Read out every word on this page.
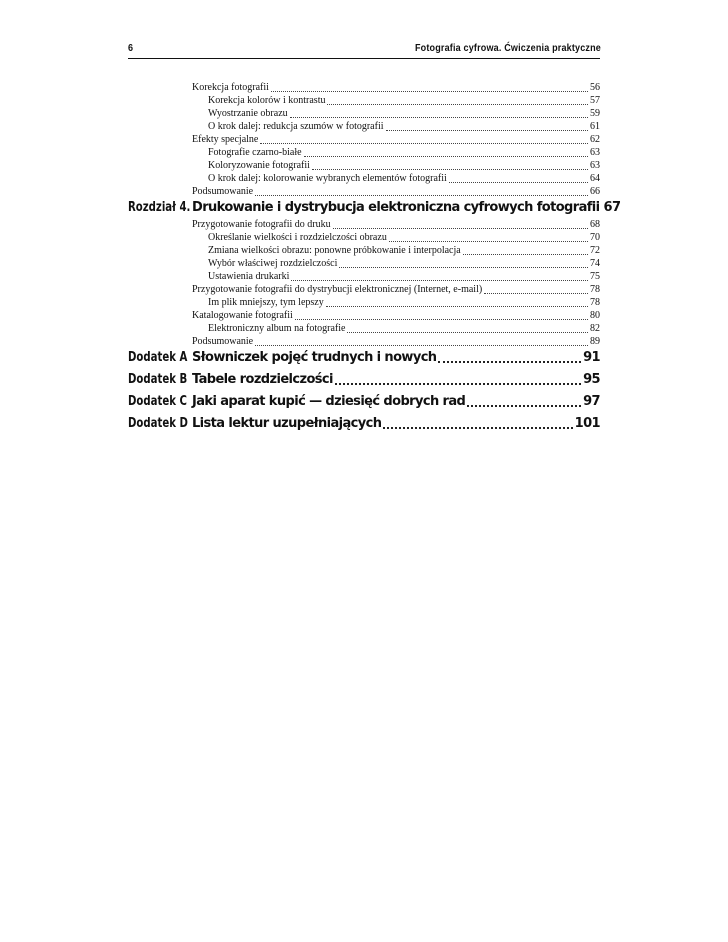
6	Fotografia cyfrowa. Ćwiczenia praktyczne
Korekcja fotografii	56
Korekcja kolorów i kontrastu	57
Wyostrzanie obrazu	59
O krok dalej: redukcja szumów w fotografii	61
Efekty specjalne	62
Fotografie czarno-białe	63
Koloryzowanie fotografii	63
O krok dalej: kolorowanie wybranych elementów fotografii	64
Podsumowanie	66
Rozdział 4. Drukowanie i dystrybucja elektroniczna cyfrowych fotografii 67
Przygotowanie fotografii do druku	68
Określanie wielkości i rozdzielczości obrazu	70
Zmiana wielkości obrazu: ponowne próbkowanie i interpolacja	72
Wybór właściwej rozdzielczości	74
Ustawienia drukarki	75
Przygotowanie fotografii do dystrybucji elektronicznej (Internet, e-mail)	78
Im plik mniejszy, tym lepszy	78
Katalogowanie fotografii	80
Elektroniczny album na fotografie	82
Podsumowanie	89
Dodatek A Słowniczek pojęć trudnych i nowych	91
Dodatek B Tabele rozdzielczości	95
Dodatek C Jaki aparat kupić — dziesięć dobrych rad	97
Dodatek D Lista lektur uzupełniających	101
